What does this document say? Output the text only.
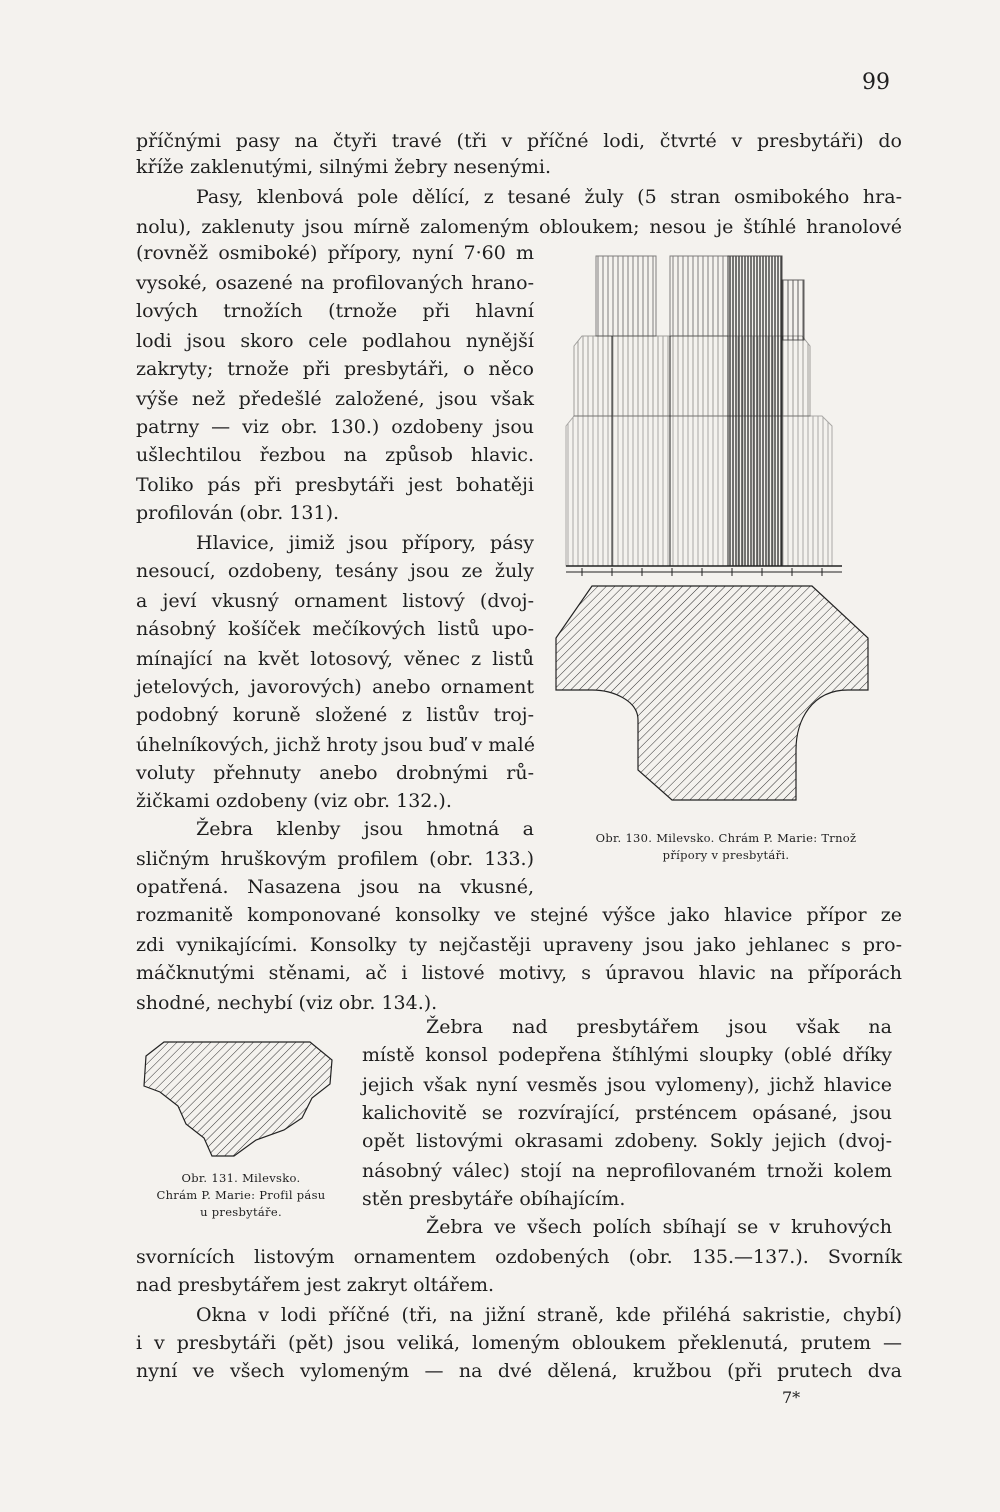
99
příčnými pasy na čtyři travé (tři v příčné lodi, čtvrté v presbytáři) do
kříže zaklenutými, silnými žebry nesenými.
Pasy, klenbová pole dělící, z tesané žuly (5 stran osmibokého hra-
nolu), zaklenuty jsou mírně zalomeným obloukem; nesou je štíhlé hranolové
(rovněž osmiboké) přípory, nyní 7·60 m
vysoké, osazené na profilovaných hrano-
lových trnožích (trnože při hlavní
lodi jsou skoro cele podlahou nynější
zakryty; trnože při presbytáři, o něco
výše než předešlé založené, jsou však
patrny — viz obr. 130.) ozdobeny jsou
ušlechtilou řezbou na způsob hlavic.
Toliko pás při presbytáři jest bohatěji
profilován (obr. 131).
Hlavice, jimiž jsou přípory, pásy
nesoucí, ozdobeny, tesány jsou ze žuly
a jeví vkusný ornament listový (dvoj-
násobný košíček mečíkových listů upo-
mínající na květ lotosový, věnec z listů
jetelových, javorových) anebo ornament
podobný koruně složené z listův troj-
úhelníkových, jichž hroty jsou buď v malé
voluty přehnuty anebo drobnými rů-
žičkami ozdobeny (viz obr. 132.).
Žebra klenby jsou hmotná a
sličným hruškovým profilem (obr. 133.)
opatřená. Nasazena jsou na vkusné,
rozmanitě komponované konsolky ve stejné výšce jako hlavice přípor ze
zdi vynikajícími. Konsolky ty nejčastěji upraveny jsou jako jehlanec s pro-
máčknutými stěnami, ač i listové motivy, s úpravou hlavic na příporách
shodné, nechybí (viz obr. 134.).
Žebra nad presbytářem jsou však na
místě konsol podepřena štíhlými sloupky (oblé dříky
jejich však nyní vesměs jsou vylomeny), jichž hlavice
kalichovitě se rozvírající, prsténcem opásané, jsou
opět listovými okrasami zdobeny. Sokly jejich (dvoj-
násobný válec) stojí na neprofilovaném trnoži kolem
stěn presbytáře obíhajícím.
Žebra ve všech polích sbíhají se v kruhových
svornících listovým ornamentem ozdobených (obr. 135.—137.). Svorník
nad presbytářem jest zakryt oltářem.
Okna v lodi příčné (tři, na jižní straně, kde přiléhá sakristie, chybí)
i v presbytáři (pět) jsou veliká, lomeným obloukem překlenutá, prutem —
nyní ve všech vylomeným — na dvé dělená, kružbou (při prutech dva
Obr. 130. Milevsko. Chrám P. Marie: Trnož
přípory v presbytáři.
Obr. 131. Milevsko.
Chrám P. Marie: Profil pásu
u presbytáře.
7*
